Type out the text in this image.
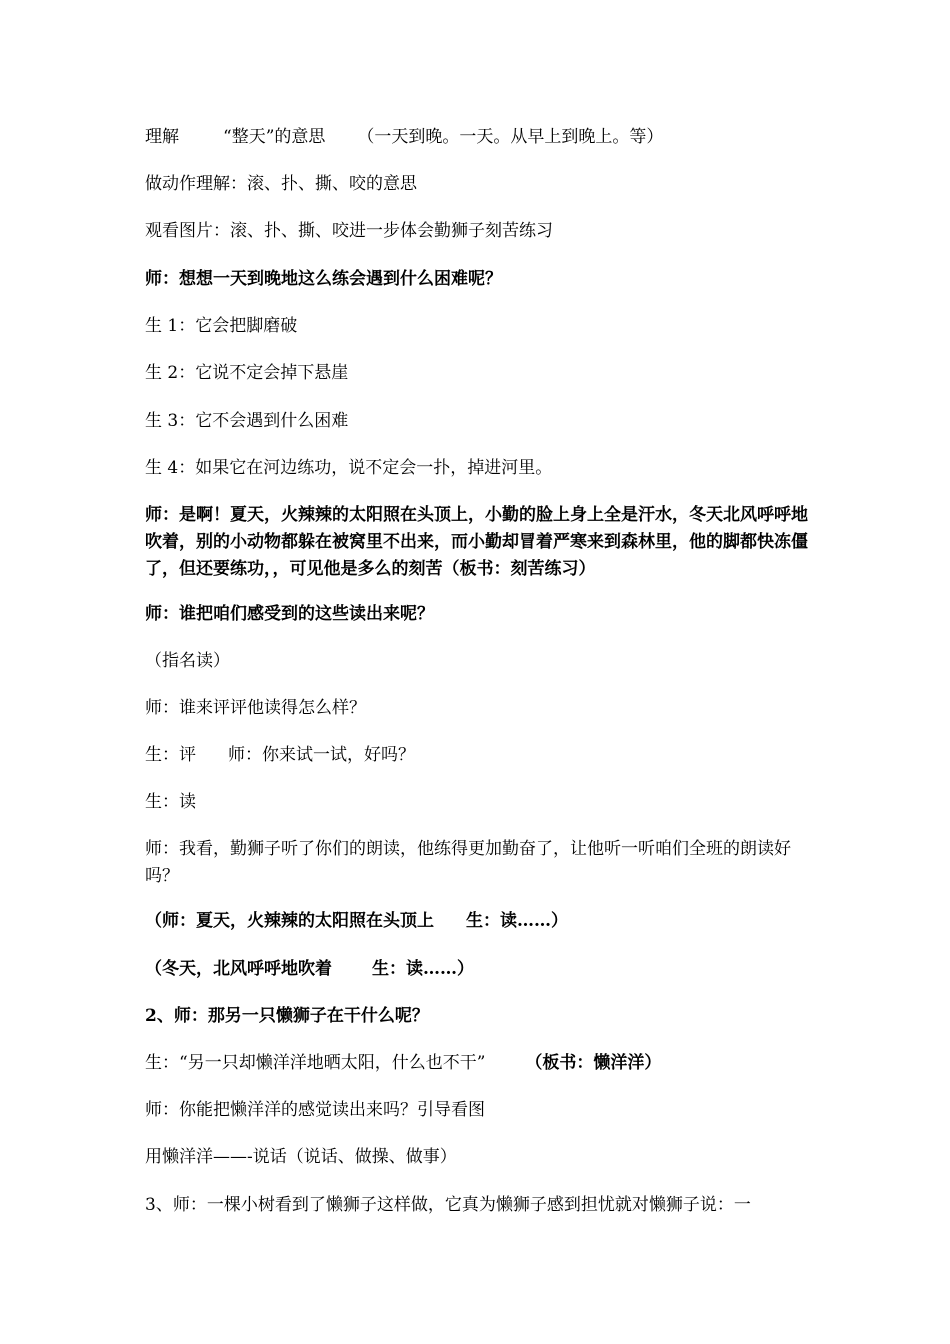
理解	“整天”的意思 （一天到晚。一天。从早上到晚上。等）
做动作理解：滚、扑、撕、咬的意思
观看图片：滚、扑、撕、咬进一步体会勤狮子刻苦练习
师：想想一天到晚地这么练会遇到什么困难呢？
生 1：它会把脚磨破
生 2：它说不定会掉下悬崖
生 3：它不会遇到什么困难
生 4：如果它在河边练功，说不定会一扑，掉进河里。
师：是啊！夏天，火辣辣的太阳照在头顶上，小勤的脸上身上全是汗水，冬天北风呼呼地吹着，别的小动物都躲在被窝里不出来，而小勤却冒着严寒来到森林里，他的脚都快冻僵了，但还要练功，，可见他是多么的刻苦（板书：刻苦练习）
师：谁把咱们感受到的这些读出来呢？
（指名读）
师：谁来评评他读得怎么样？
生：评 师：你来试一试，好吗？
生：读
师：我看，勤狮子听了你们的朗读，他练得更加勤奋了，让他听一听咱们全班的朗读好吗？
（师：夏天，火辣辣的太阳照在头顶上 生：读……）
（冬天，北风呼呼地吹着 生：读……）
2、师：那另一只懒狮子在干什么呢？
生：“另一只却懒洋洋地晒太阳，什么也不干” （板书：懒洋洋）
师：你能把懒洋洋的感觉读出来吗？引导看图
用懒洋洋——-说话（说话、做操、做事）
3、师：一棵小树看到了懒狮子这样做，它真为懒狮子感到担忧就对懒狮子说：一
